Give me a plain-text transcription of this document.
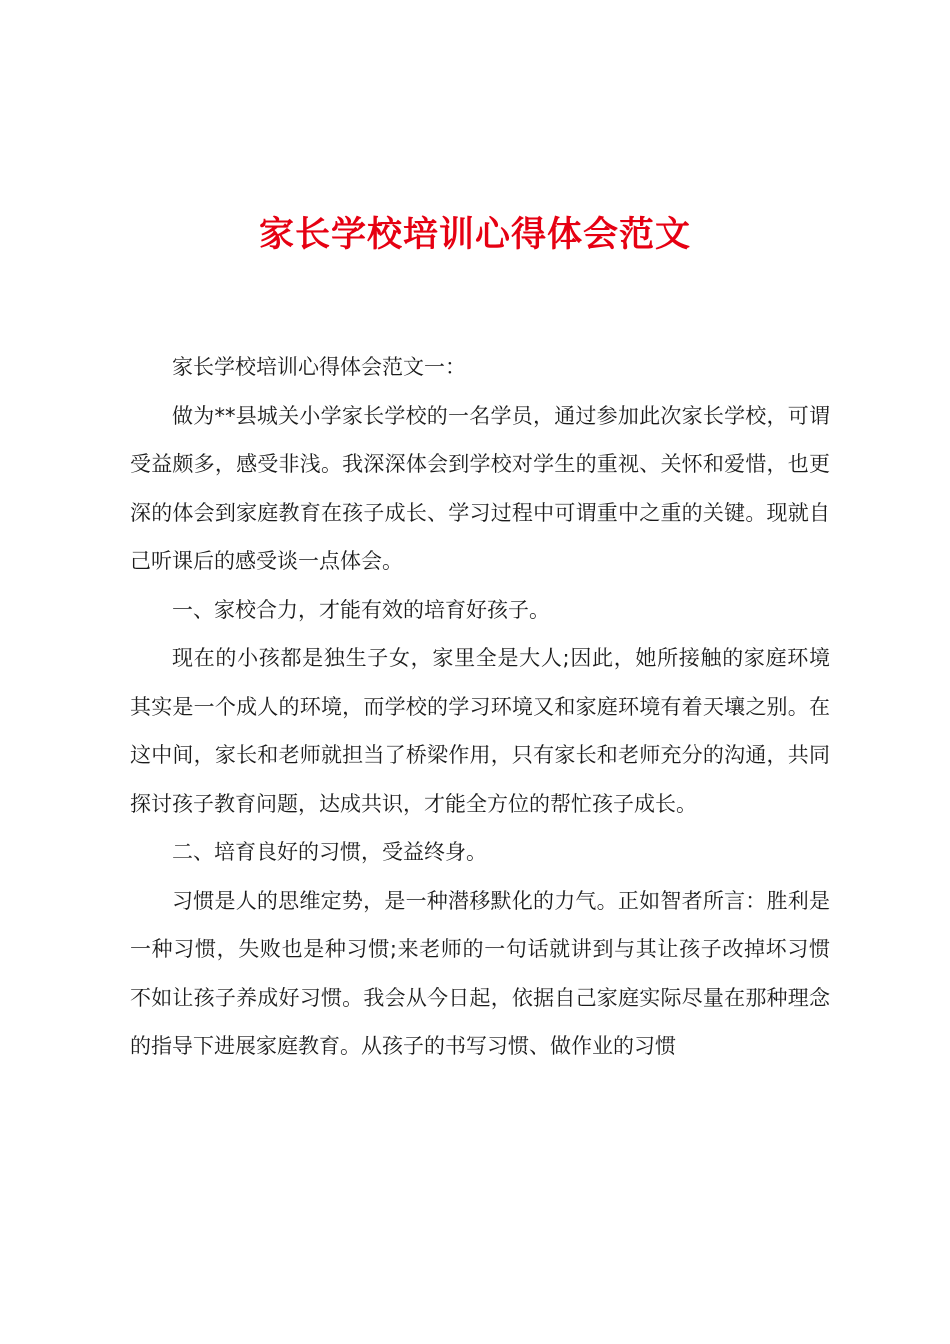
家长学校培训心得体会范文

家长学校培训心得体会范文一：

做为**县城关小学家长学校的一名学员，通过参加此次家长学校，可谓受益颇多，感受非浅。我深深体会到学校对学生的重视、关怀和爱惜，也更深的体会到家庭教育在孩子成长、学习过程中可谓重中之重的关键。现就自己听课后的感受谈一点体会。

一、家校合力，才能有效的培育好孩子。

现在的小孩都是独生子女，家里全是大人;因此，她所接触的家庭环境其实是一个成人的环境，而学校的学习环境又和家庭环境有着天壤之别。在这中间，家长和老师就担当了桥梁作用，只有家长和老师充分的沟通，共同探讨孩子教育问题，达成共识，才能全方位的帮忙孩子成长。

二、培育良好的习惯，受益终身。

习惯是人的思维定势，是一种潜移默化的力气。正如智者所言：胜利是一种习惯，失败也是种习惯;来老师的一句话就讲到与其让孩子改掉坏习惯不如让孩子养成好习惯。我会从今日起，依据自己家庭实际尽量在那种理念的指导下进展家庭教育。从孩子的书写习惯、做作业的习惯
